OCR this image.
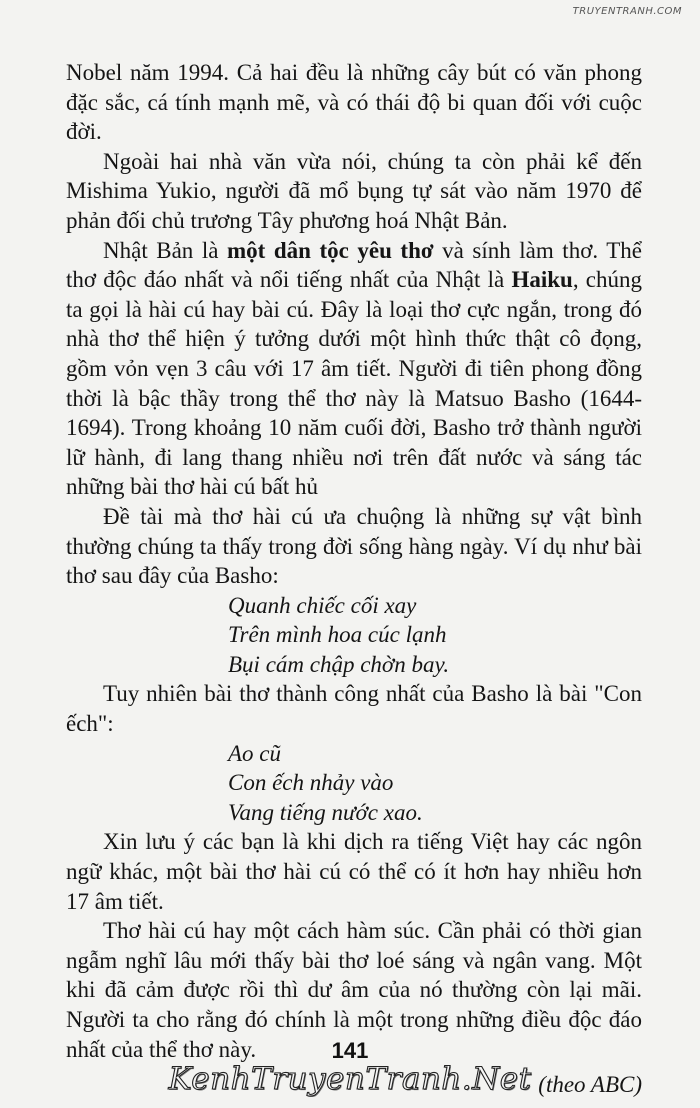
TRUYENTRANH.COM

Nobel năm 1994. Cả hai đều là những cây bút có văn phong đặc sắc, cá tính mạnh mẽ, và có thái độ bi quan đối với cuộc đời.

Ngoài hai nhà văn vừa nói, chúng ta còn phải kể đến Mishima Yukio, người đã mổ bụng tự sát vào năm 1970 để phản đối chủ trương Tây phương hoá Nhật Bản.

Nhật Bản là một dân tộc yêu thơ và sính làm thơ. Thể thơ độc đáo nhất và nổi tiếng nhất của Nhật là Haiku, chúng ta gọi là hài cú hay bài cú. Đây là loại thơ cực ngắn, trong đó nhà thơ thể hiện ý tưởng dưới một hình thức thật cô đọng, gồm vỏn vẹn 3 câu với 17 âm tiết. Người đi tiên phong đồng thời là bậc thầy trong thể thơ này là Matsuo Basho (1644-1694). Trong khoảng 10 năm cuối đời, Basho trở thành người lữ hành, đi lang thang nhiều nơi trên đất nước và sáng tác những bài thơ hài cú bất hủ

Đề tài mà thơ hài cú ưa chuộng là những sự vật bình thường chúng ta thấy trong đời sống hàng ngày. Ví dụ như bài thơ sau đây của Basho:

Quanh chiếc cối xay
Trên mình hoa cúc lạnh
Bụi cám chập chờn bay.

Tuy nhiên bài thơ thành công nhất của Basho là bài "Con ếch":

Ao cũ
Con ếch nhảy vào
Vang tiếng nước xao.

Xin lưu ý các bạn là khi dịch ra tiếng Việt hay các ngôn ngữ khác, một bài thơ hài cú có thể có ít hơn hay nhiều hơn 17 âm tiết.

Thơ hài cú hay một cách hàm súc. Cần phải có thời gian ngẫm nghĩ lâu mới thấy bài thơ loé sáng và ngân vang. Một khi đã cảm được rồi thì dư âm của nó thường còn lại mãi. Người ta cho rằng đó chính là một trong những điều độc đáo nhất của thể thơ này.

(theo ABC)

141
KenhTruyenTranh.Net
